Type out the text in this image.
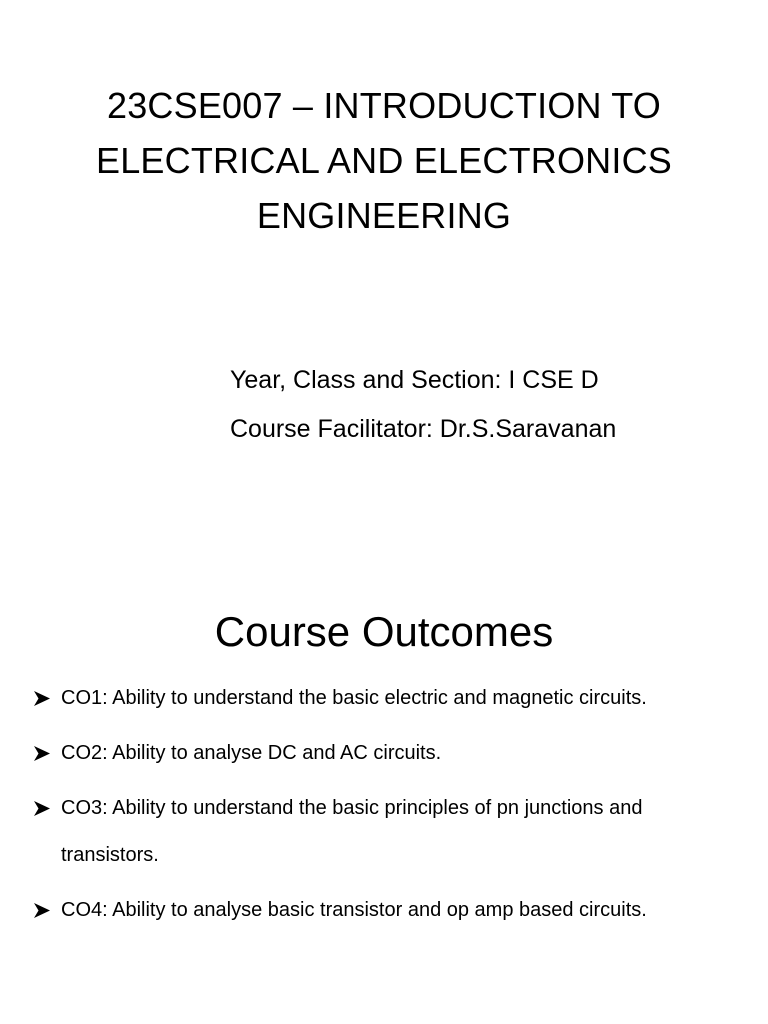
23CSE007 – INTRODUCTION TO
ELECTRICAL AND ELECTRONICS
ENGINEERING
Year, Class and Section: I CSE D
Course Facilitator: Dr.S.Saravanan
Course Outcomes
CO1: Ability to understand the basic electric and magnetic circuits.
CO2: Ability to analyse DC and AC circuits.
CO3: Ability to understand the basic principles of pn junctions and transistors.
CO4: Ability to analyse basic transistor and op amp based circuits.
